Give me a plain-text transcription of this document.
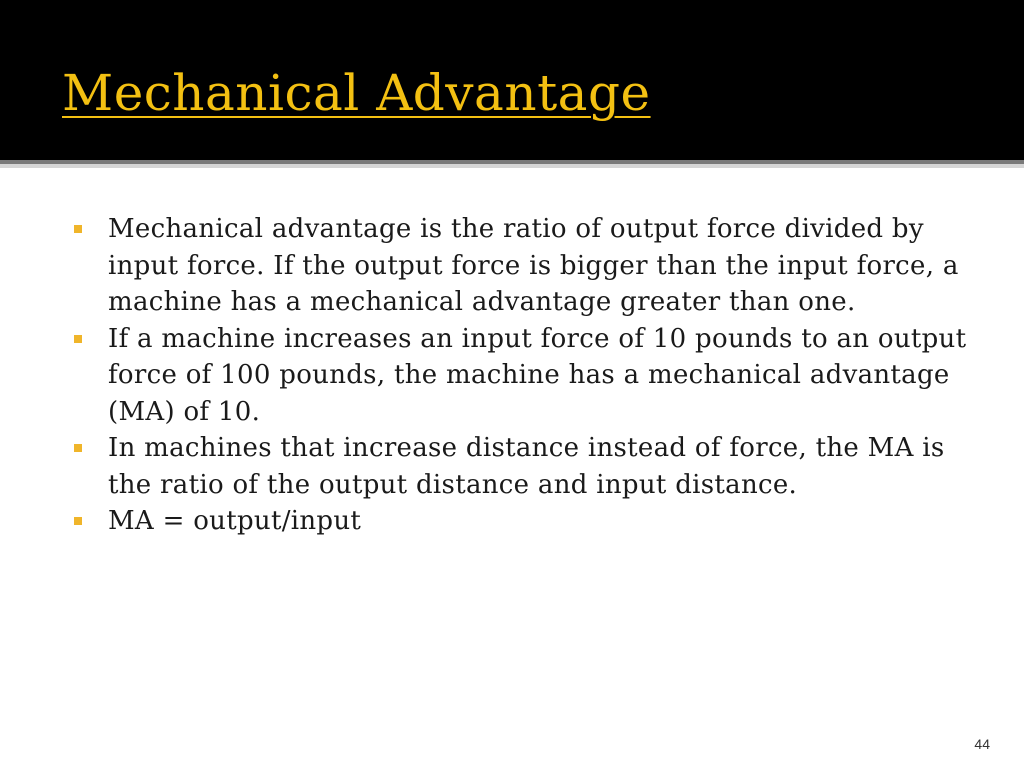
Mechanical Advantage
Mechanical advantage is the ratio of output force divided by input force. If the output force is bigger than the input force, a machine has a mechanical advantage greater than one.
If a machine increases an input force of 10 pounds to an output force of 100 pounds, the machine has a mechanical advantage (MA) of 10.
In machines that increase distance instead of force, the MA is the ratio of the output distance and input distance.
MA = output/input
44
